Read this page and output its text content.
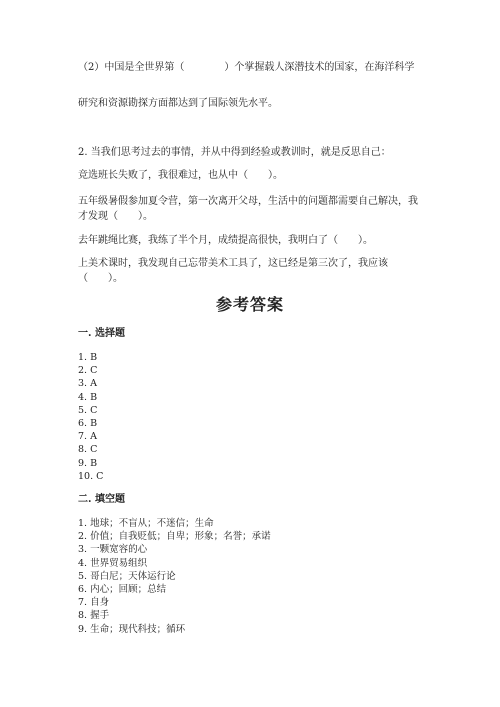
（2）中国是全世界第（　　　　）个掌握载人深潜技术的国家，在海洋科学
研究和资源勘探方面都达到了国际领先水平。
2. 当我们思考过去的事情，并从中得到经验或教训时，就是反思自己：
竞选班长失败了，我很难过，也从中（　　）。
五年级暑假参加夏令营，第一次离开父母，生活中的问题都需要自己解决，我
才发现（　　）。
去年跳绳比赛，我练了半个月，成绩提高很快，我明白了（　　）。
上美术课时，我发现自己忘带美术工具了，这已经是第三次了，我应该
（　　）。
参考答案
一. 选择题
1. B
2. C
3. A
4. B
5. C
6. B
7. A
8. C
9. B
10. C
二. 填空题
1. 地球；不盲从；不迷信；生命
2. 价值；自我贬低；自卑；形象；名誉；承诺
3. 一颗宽容的心
4. 世界贸易组织
5. 哥白尼；天体运行论
6. 内心；回顾；总结
7. 自身
8. 握手
9. 生命；现代科技；循环
